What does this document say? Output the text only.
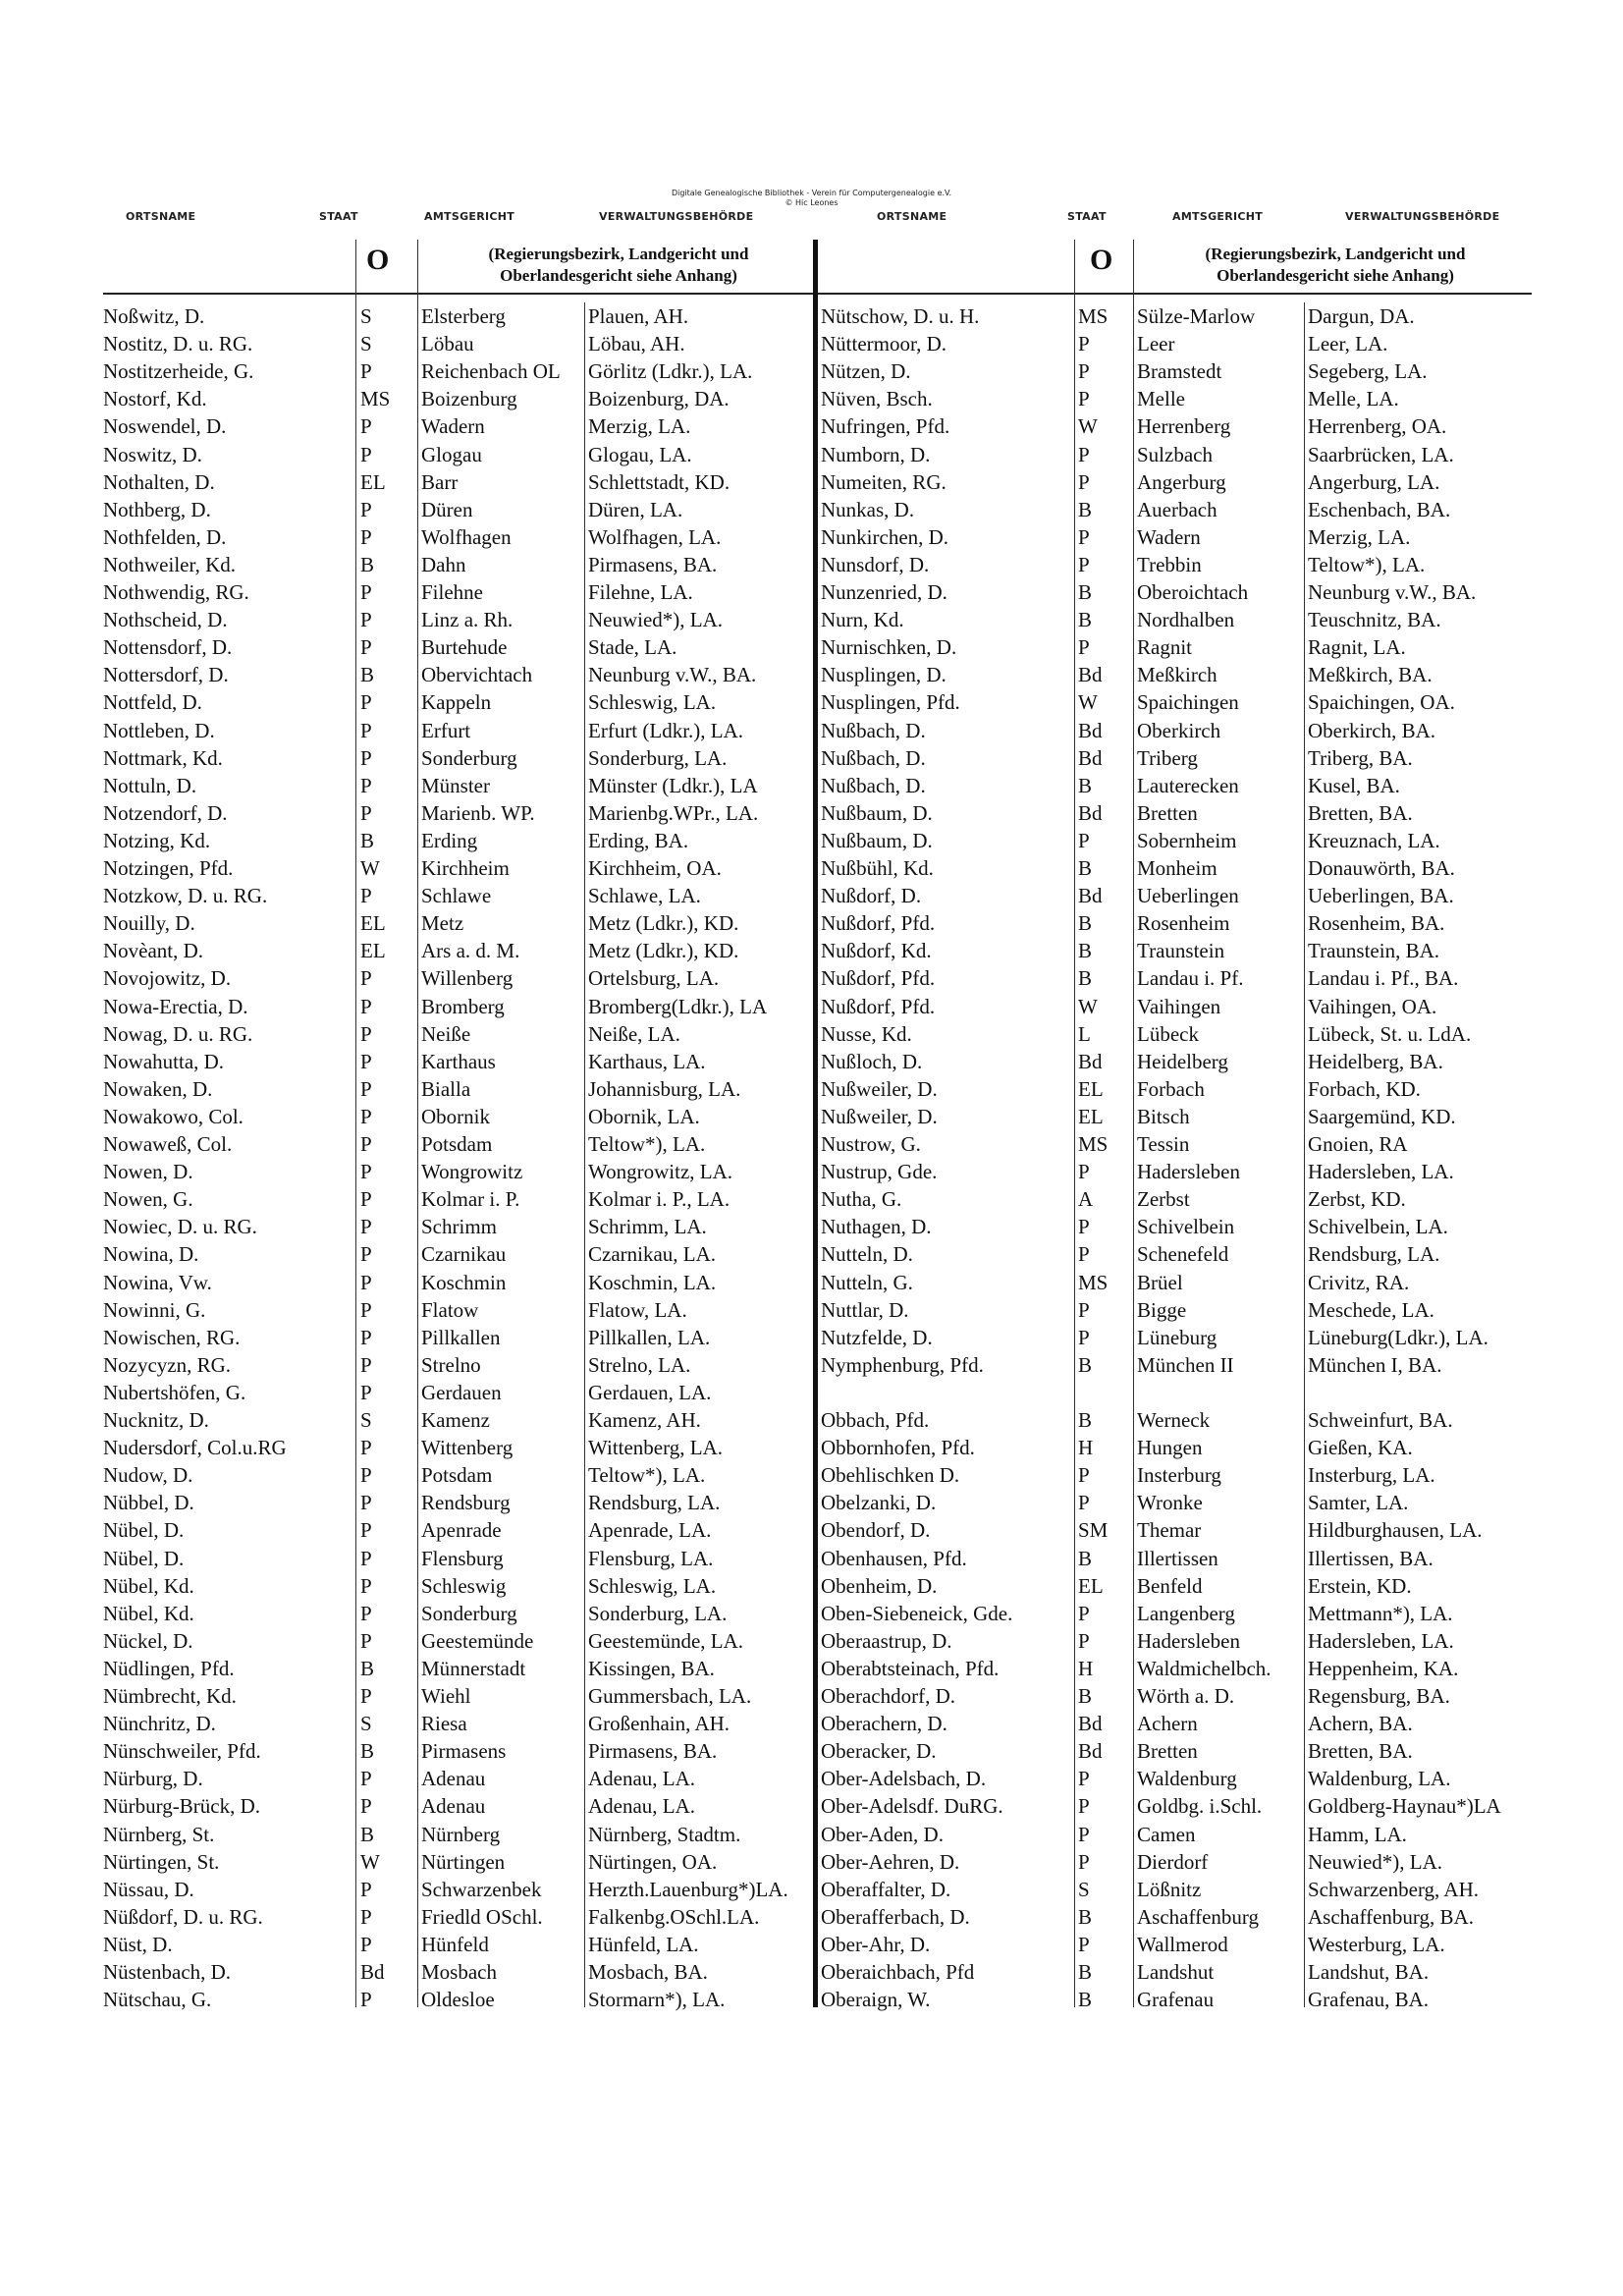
Digitale Genealogische Bibliothek - Verein für Computergenealogie e.V.
© Hic Leones
ORTSNAME	STAAT	AMTSGERICHT	VERWALTUNGSBEHÖRDE	ORTSNAME	STAAT	AMTSGERICHT	VERWALTUNGSBEHÖRDE
O	(Regierungsbezirk, Landgericht und
Oberlandesgericht siehe Anhang)	O	(Regierungsbezirk, Landgericht und
Oberlandesgericht siehe Anhang)
Noßwitz, D.	S	Elsterberg	Plauen, AH.
Nostitz, D. u. RG.	S	Löbau	Löbau, AH.
Nostitzerheide, G.	P	Reichenbach OL	Görlitz (Ldkr.), LA.
Nostorf, Kd.	MS	Boizenburg	Boizenburg, DA.
Noswendel, D.	P	Wadern	Merzig, LA.
Noswitz, D.	P	Glogau	Glogau, LA.
Nothalten, D.	EL	Barr	Schlettstadt, KD.
Nothberg, D.	P	Düren	Düren, LA.
Nothfelden, D.	P	Wolfhagen	Wolfhagen, LA.
Nothweiler, Kd.	B	Dahn	Pirmasens, BA.
Nothwendig, RG.	P	Filehne	Filehne, LA.
Nothscheid, D.	P	Linz a. Rh.	Neuwied*), LA.
Nottensdorf, D.	P	Burtehude	Stade, LA.
Nottersdorf, D.	B	Obervichtach	Neunburg v.W., BA.
Nottfeld, D.	P	Kappeln	Schleswig, LA.
Nottleben, D.	P	Erfurt	Erfurt (Ldkr.), LA.
Nottmark, Kd.	P	Sonderburg	Sonderburg, LA.
Nottuln, D.	P	Münster	Münster (Ldkr.), LA
Notzendorf, D.	P	Marienb. WP.	Marienbg.WPr., LA.
Notzing, Kd.	B	Erding	Erding, BA.
Notzingen, Pfd.	W	Kirchheim	Kirchheim, OA.
Notzkow, D. u. RG.	P	Schlawe	Schlawe, LA.
Nouilly, D.	EL	Metz	Metz (Ldkr.), KD.
Novèant, D.	EL	Ars a. d. M.	Metz (Ldkr.), KD.
Novojowitz, D.	P	Willenberg	Ortelsburg, LA.
Nowa-Erectia, D.	P	Bromberg	Bromberg(Ldkr.), LA
Nowag, D. u. RG.	P	Neiße	Neiße, LA.
Nowahutta, D.	P	Karthaus	Karthaus, LA.
Nowaken, D.	P	Bialla	Johannisburg, LA.
Nowakowo, Col.	P	Obornik	Obornik, LA.
Nowaweß, Col.	P	Potsdam	Teltow*), LA.
Nowen, D.	P	Wongrowitz	Wongrowitz, LA.
Nowen, G.	P	Kolmar i. P.	Kolmar i. P., LA.
Nowiec, D. u. RG.	P	Schrimm	Schrimm, LA.
Nowina, D.	P	Czarnikau	Czarnikau, LA.
Nowina, Vw.	P	Koschmin	Koschmin, LA.
Nowinni, G.	P	Flatow	Flatow, LA.
Nowischen, RG.	P	Pillkallen	Pillkallen, LA.
Nozycyzn, RG.	P	Strelno	Strelno, LA.
Nubertshöfen, G.	P	Gerdauen	Gerdauen, LA.
Nucknitz, D.	S	Kamenz	Kamenz, AH.
Nudersdorf, Col.u.RG	P	Wittenberg	Wittenberg, LA.
Nudow, D.	P	Potsdam	Teltow*), LA.
Nübbel, D.	P	Rendsburg	Rendsburg, LA.
Nübel, D.	P	Apenrade	Apenrade, LA.
Nübel, D.	P	Flensburg	Flensburg, LA.
Nübel, Kd.	P	Schleswig	Schleswig, LA.
Nübel, Kd.	P	Sonderburg	Sonderburg, LA.
Nückel, D.	P	Geestemünde	Geestemünde, LA.
Nüdlingen, Pfd.	B	Münnerstadt	Kissingen, BA.
Nümbrecht, Kd.	P	Wiehl	Gummersbach, LA.
Nünchritz, D.	S	Riesa	Großenhain, AH.
Nünschweiler, Pfd.	B	Pirmasens	Pirmasens, BA.
Nürburg, D.	P	Adenau	Adenau, LA.
Nürburg-Brück, D.	P	Adenau	Adenau, LA.
Nürnberg, St.	B	Nürnberg	Nürnberg, Stadtm.
Nürtingen, St.	W	Nürtingen	Nürtingen, OA.
Nüssau, D.	P	Schwarzenbek	Herzth.Lauenburg*)LA.
Nüßdorf, D. u. RG.	P	Friedld OSchl.	Falkenbg.OSchl.LA.
Nüst, D.	P	Hünfeld	Hünfeld, LA.
Nüstenbach, D.	Bd	Mosbach	Mosbach, BA.
Nütschau, G.	P	Oldesloe	Stormarn*), LA.
Nütschow, D. u. H.	MS	Sülze-Marlow	Dargun, DA.
Nüttermoor, D.	P	Leer	Leer, LA.
Nützen, D.	P	Bramstedt	Segeberg, LA.
Nüven, Bsch.	P	Melle	Melle, LA.
Nufringen, Pfd.	W	Herrenberg	Herrenberg, OA.
Numborn, D.	P	Sulzbach	Saarbrücken, LA.
Numeiten, RG.	P	Angerburg	Angerburg, LA.
Nunkas, D.	B	Auerbach	Eschenbach, BA.
Nunkirchen, D.	P	Wadern	Merzig, LA.
Nunsdorf, D.	P	Trebbin	Teltow*), LA.
Nunzenried, D.	B	Oberoichtach	Neunburg v.W., BA.
Nurn, Kd.	B	Nordhalben	Teuschnitz, BA.
Nurnischken, D.	P	Ragnit	Ragnit, LA.
Nusplingen, D.	Bd	Meßkirch	Meßkirch, BA.
Nusplingen, Pfd.	W	Spaichingen	Spaichingen, OA.
Nußbach, D.	Bd	Oberkirch	Oberkirch, BA.
Nußbach, D.	Bd	Triberg	Triberg, BA.
Nußbach, D.	B	Lauterecken	Kusel, BA.
Nußbaum, D.	Bd	Bretten	Bretten, BA.
Nußbaum, D.	P	Sobernheim	Kreuznach, LA.
Nußbühl, Kd.	B	Monheim	Donauwörth, BA.
Nußdorf, D.	Bd	Ueberlingen	Ueberlingen, BA.
Nußdorf, Pfd.	B	Rosenheim	Rosenheim, BA.
Nußdorf, Kd.	B	Traunstein	Traunstein, BA.
Nußdorf, Pfd.	B	Landau i. Pf.	Landau i. Pf., BA.
Nußdorf, Pfd.	W	Vaihingen	Vaihingen, OA.
Nusse, Kd.	L	Lübeck	Lübeck, St. u. LdA.
Nußloch, D.	Bd	Heidelberg	Heidelberg, BA.
Nußweiler, D.	EL	Forbach	Forbach, KD.
Nußweiler, D.	EL	Bitsch	Saargemünd, KD.
Nustrow, G.	MS	Tessin	Gnoien, RA
Nustrup, Gde.	P	Hadersleben	Hadersleben, LA.
Nutha, G.	A	Zerbst	Zerbst, KD.
Nuthagen, D.	P	Schivelbein	Schivelbein, LA.
Nutteln, D.	P	Schenefeld	Rendsburg, LA.
Nutteln, G.	MS	Brüel	Crivitz, RA.
Nuttlar, D.	P	Bigge	Meschede, LA.
Nutzfelde, D.	P	Lüneburg	Lüneburg(Ldkr.), LA.
Nymphenburg, Pfd.	B	München II	München I, BA.
Obbach, Pfd.	B	Werneck	Schweinfurt, BA.
Obbornhofen, Pfd.	H	Hungen	Gießen, KA.
Obehlischken D.	P	Insterburg	Insterburg, LA.
Obelzanki, D.	P	Wronke	Samter, LA.
Obendorf, D.	SM	Themar	Hildburghausen, LA.
Obenhausen, Pfd.	B	Illertissen	Illertissen, BA.
Obenheim, D.	EL	Benfeld	Erstein, KD.
Oben-Siebeneick, Gde.	P	Langenberg	Mettmann*), LA.
Oberaastrup, D.	P	Hadersleben	Hadersleben, LA.
Oberabtsteinach, Pfd.	H	Waldmichelbch.	Heppenheim, KA.
Oberachdorf, D.	B	Wörth a. D.	Regensburg, BA.
Oberachern, D.	Bd	Achern	Achern, BA.
Oberacker, D.	Bd	Bretten	Bretten, BA.
Ober-Adelsbach, D.	P	Waldenburg	Waldenburg, LA.
Ober-Adelsdf. DuRG.	P	Goldbg. i.Schl.	Goldberg-Haynau*)LA
Ober-Aden, D.	P	Camen	Hamm, LA.
Ober-Aehren, D.	P	Dierdorf	Neuwied*), LA.
Oberaffalter, D.	S	Lößnitz	Schwarzenberg, AH.
Oberafferbach, D.	B	Aschaffenburg	Aschaffenburg, BA.
Ober-Ahr, D.	P	Wallmerod	Westerburg, LA.
Oberaichbach, Pfd	B	Landshut	Landshut, BA.
Oberaign, W.	B	Grafenau	Grafenau, BA.
